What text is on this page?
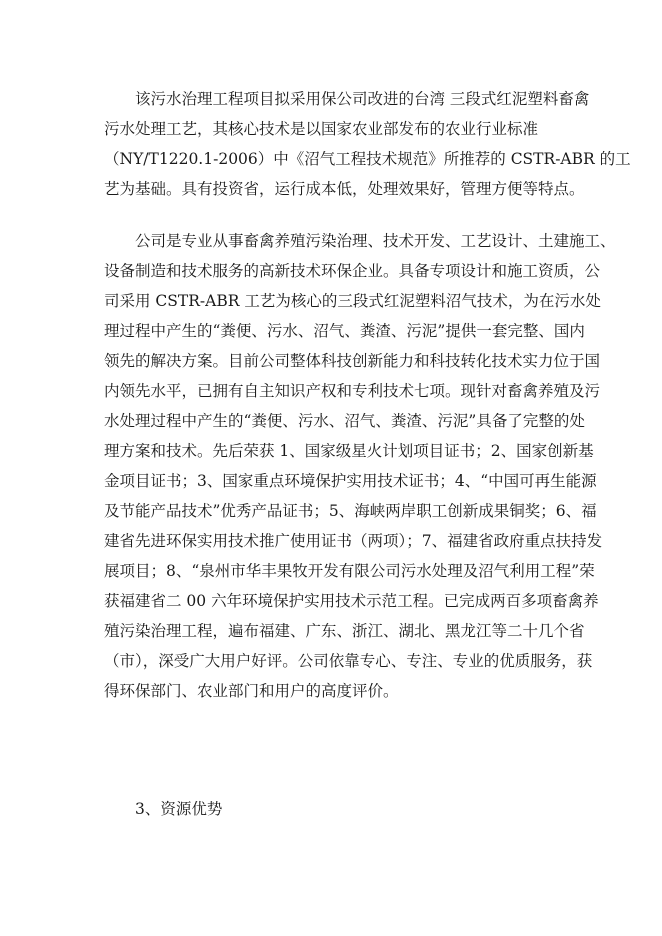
　　该污水治理工程项目拟采用保公司改进的台湾 三段式红泥塑料畜禽
污水处理工艺，其核心技术是以国家农业部发布的农业行业标准
（NY/T1220.1-2006）中《沼气工程技术规范》所推荐的 CSTR-ABR 的工
艺为基础。具有投资省，运行成本低，处理效果好，管理方便等特点。
　　公司是专业从事畜禽养殖污染治理、技术开发、工艺设计、土建施工、
设备制造和技术服务的高新技术环保企业。具备专项设计和施工资质，公
司采用 CSTR-ABR 工艺为核心的三段式红泥塑料沼气技术，为在污水处
理过程中产生的“粪便、污水、沼气、粪渣、污泥”提供一套完整、国内
领先的解决方案。目前公司整体科技创新能力和科技转化技术实力位于国
内领先水平，已拥有自主知识产权和专利技术七项。现针对畜禽养殖及污
水处理过程中产生的“粪便、污水、沼气、粪渣、污泥”具备了完整的处
理方案和技术。先后荣获 1、国家级星火计划项目证书；2、国家创新基
金项目证书；3、国家重点环境保护实用技术证书；4、“中国可再生能源
及节能产品技术”优秀产品证书；5、海峡两岸职工创新成果铜奖；6、福
建省先进环保实用技术推广使用证书（两项）；7、福建省政府重点扶持发
展项目；8、“泉州市华丰果牧开发有限公司污水处理及沼气利用工程”荣
获福建省二 00 六年环境保护实用技术示范工程。已完成两百多项畜禽养
殖污染治理工程，遍布福建、广东、浙江、湖北、黑龙江等二十几个省
（市），深受广大用户好评。公司依靠专心、专注、专业的优质服务，获
得环保部门、农业部门和用户的高度评价。
　　3、资源优势
